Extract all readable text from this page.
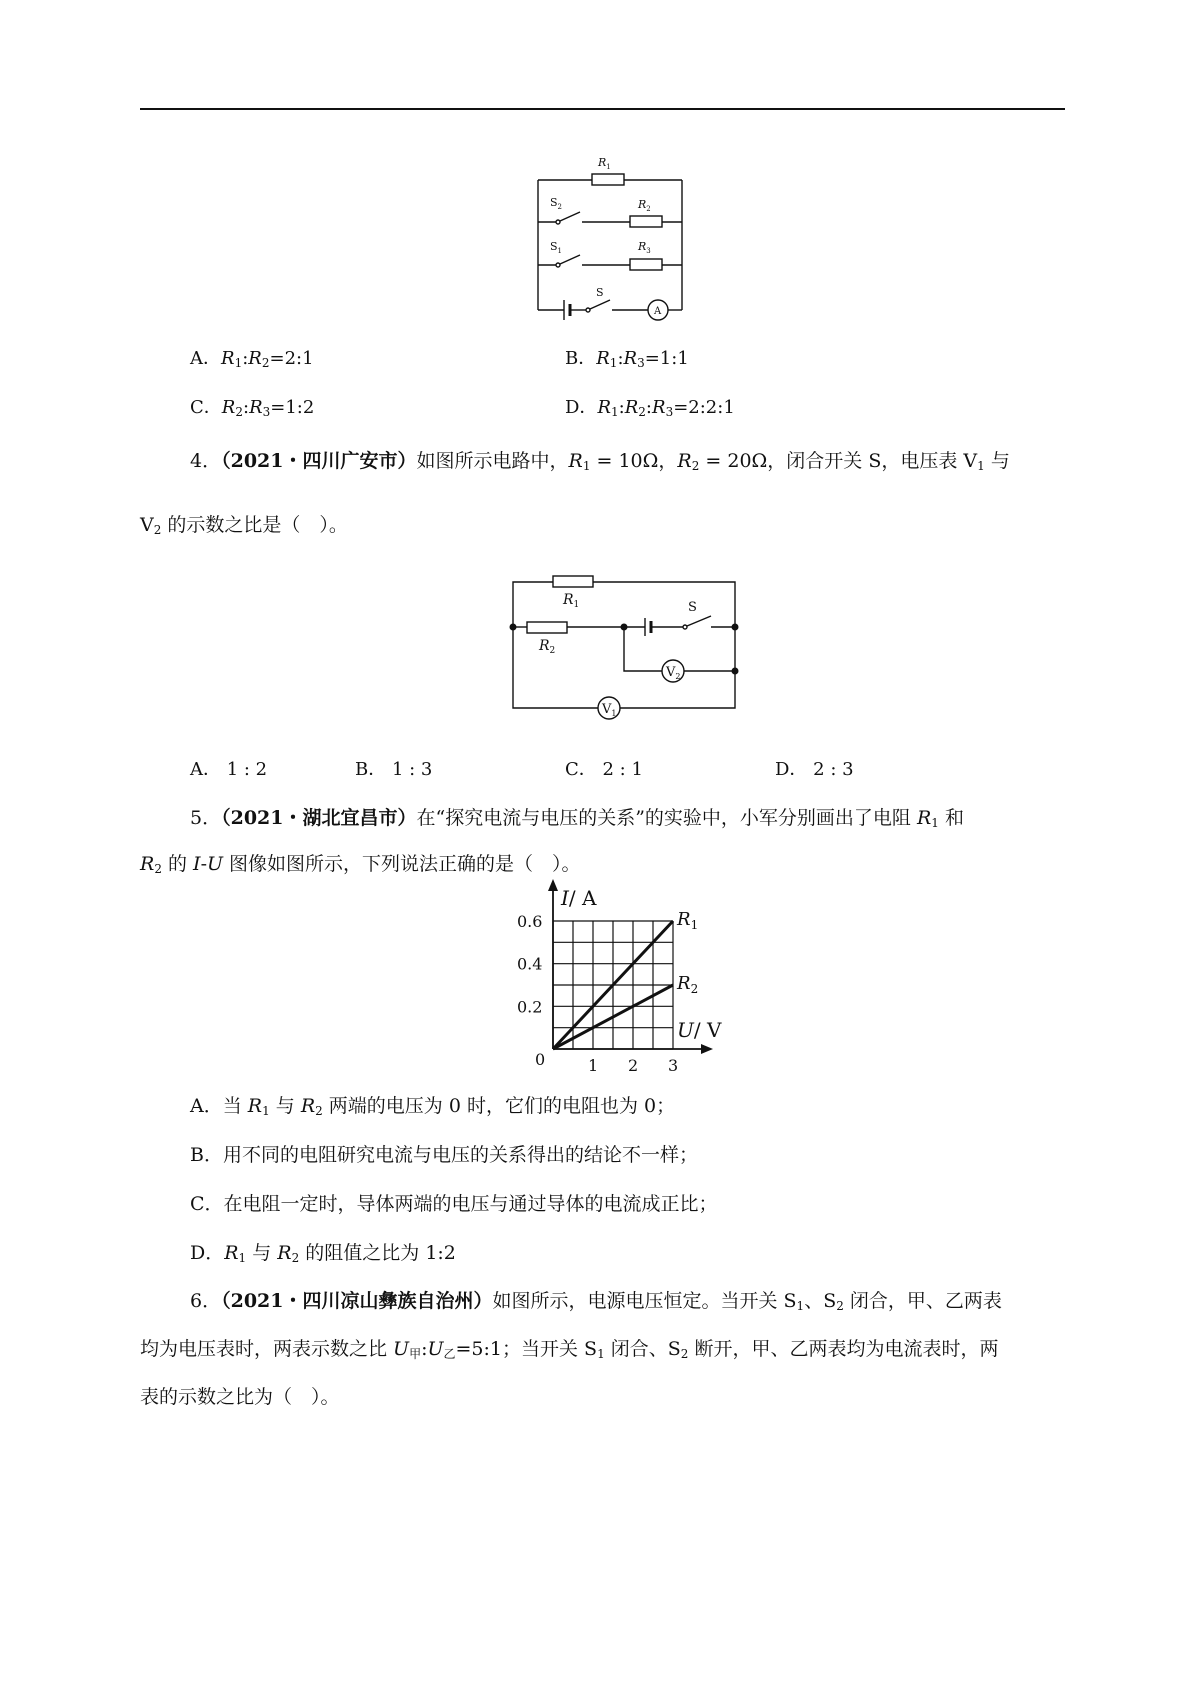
$R_1$
$S_2$	$R_2$
$S_1$	$R_3$
S
A
A．$R_1:R_2=2:1$	B．$R_1:R_3=1:1$
C．$R_2:R_3=1:2$	D．$R_1:R_2:R_3=2:2:1$
4．（2021・四川广安市）如图所示电路中，$R_1 = 10\Omega$，$R_2 = 20\Omega$，闭合开关 S，电压表 $V_1$ 与
$V_2$ 的示数之比是（　）。
$R_1$
$R_2$
S
$V_2$
$V_1$
A． 1 : 2	B． 1 : 3	C． 2 : 1	D． 2 : 3
5．（2021・湖北宜昌市）在“探究电流与电压的关系”的实验中，小军分别画出了电阻 $R_1$ 和
$R_2$ 的 I-U 图像如图所示，下列说法正确的是（　）。
$R_1$
$R_2$
1 2 3
0.2
0.4
0.6
0
I/ A
U/ V
A．当 $R_1$ 与 $R_2$ 两端的电压为 0 时，它们的电阻也为 0；
B．用不同的电阻研究电流与电压的关系得出的结论不一样；
C．在电阻一定时，导体两端的电压与通过导体的电流成正比；
D．$R_1$ 与 $R_2$ 的阻值之比为 1:2
6．（2021・四川凉山彝族自治州）如图所示，电源电压恒定。当开关 $S_1$、$S_2$ 闭合，甲、乙两表
均为电压表时，两表示数之比 $U_甲:U_乙=5:1$；当开关 $S_1$ 闭合、$S_2$ 断开，甲、乙两表均为电流表时，两
表的示数之比为（　）。
